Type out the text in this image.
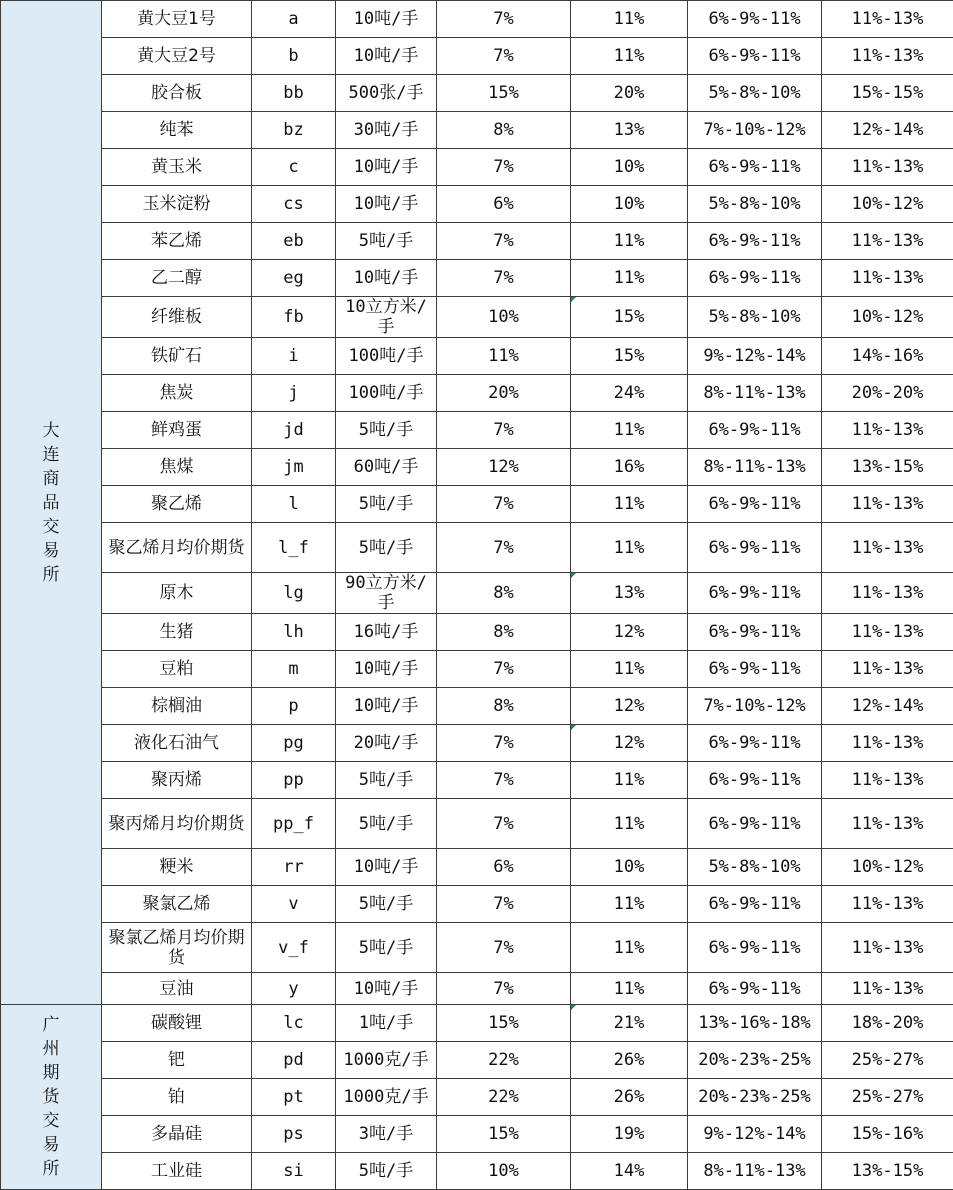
大连商品交易所	黄大豆1号	a	10吨/手	7%	11%	6%-9%-11%	11%-13%
	黄大豆2号	b	10吨/手	7%	11%	6%-9%-11%	11%-13%
	胶合板	bb	500张/手	15%	20%	5%-8%-10%	15%-15%
	纯苯	bz	30吨/手	8%	13%	7%-10%-12%	12%-14%
	黄玉米	c	10吨/手	7%	10%	6%-9%-11%	11%-13%
	玉米淀粉	cs	10吨/手	6%	10%	5%-8%-10%	10%-12%
	苯乙烯	eb	5吨/手	7%	11%	6%-9%-11%	11%-13%
	乙二醇	eg	10吨/手	7%	11%	6%-9%-11%	11%-13%
	纤维板	fb	10立方米/手	10%	15%	5%-8%-10%	10%-12%
	铁矿石	i	100吨/手	11%	15%	9%-12%-14%	14%-16%
	焦炭	j	100吨/手	20%	24%	8%-11%-13%	20%-20%
	鲜鸡蛋	jd	5吨/手	7%	11%	6%-9%-11%	11%-13%
	焦煤	jm	60吨/手	12%	16%	8%-11%-13%	13%-15%
	聚乙烯	l	5吨/手	7%	11%	6%-9%-11%	11%-13%
	聚乙烯月均价期货	l_f	5吨/手	7%	11%	6%-9%-11%	11%-13%
	原木	lg	90立方米/手	8%	13%	6%-9%-11%	11%-13%
	生猪	lh	16吨/手	8%	12%	6%-9%-11%	11%-13%
	豆粕	m	10吨/手	7%	11%	6%-9%-11%	11%-13%
	棕榈油	p	10吨/手	8%	12%	7%-10%-12%	12%-14%
	液化石油气	pg	20吨/手	7%	12%	6%-9%-11%	11%-13%
	聚丙烯	pp	5吨/手	7%	11%	6%-9%-11%	11%-13%
	聚丙烯月均价期货	pp_f	5吨/手	7%	11%	6%-9%-11%	11%-13%
	粳米	rr	10吨/手	6%	10%	5%-8%-10%	10%-12%
	聚氯乙烯	v	5吨/手	7%	11%	6%-9%-11%	11%-13%
	聚氯乙烯月均价期货	v_f	5吨/手	7%	11%	6%-9%-11%	11%-13%
	豆油	y	10吨/手	7%	11%	6%-9%-11%	11%-13%
广州期货交易所	碳酸锂	lc	1吨/手	15%	21%	13%-16%-18%	18%-20%
	钯	pd	1000克/手	22%	26%	20%-23%-25%	25%-27%
	铂	pt	1000克/手	22%	26%	20%-23%-25%	25%-27%
	多晶硅	ps	3吨/手	15%	19%	9%-12%-14%	15%-16%
	工业硅	si	5吨/手	10%	14%	8%-11%-13%	13%-15%
